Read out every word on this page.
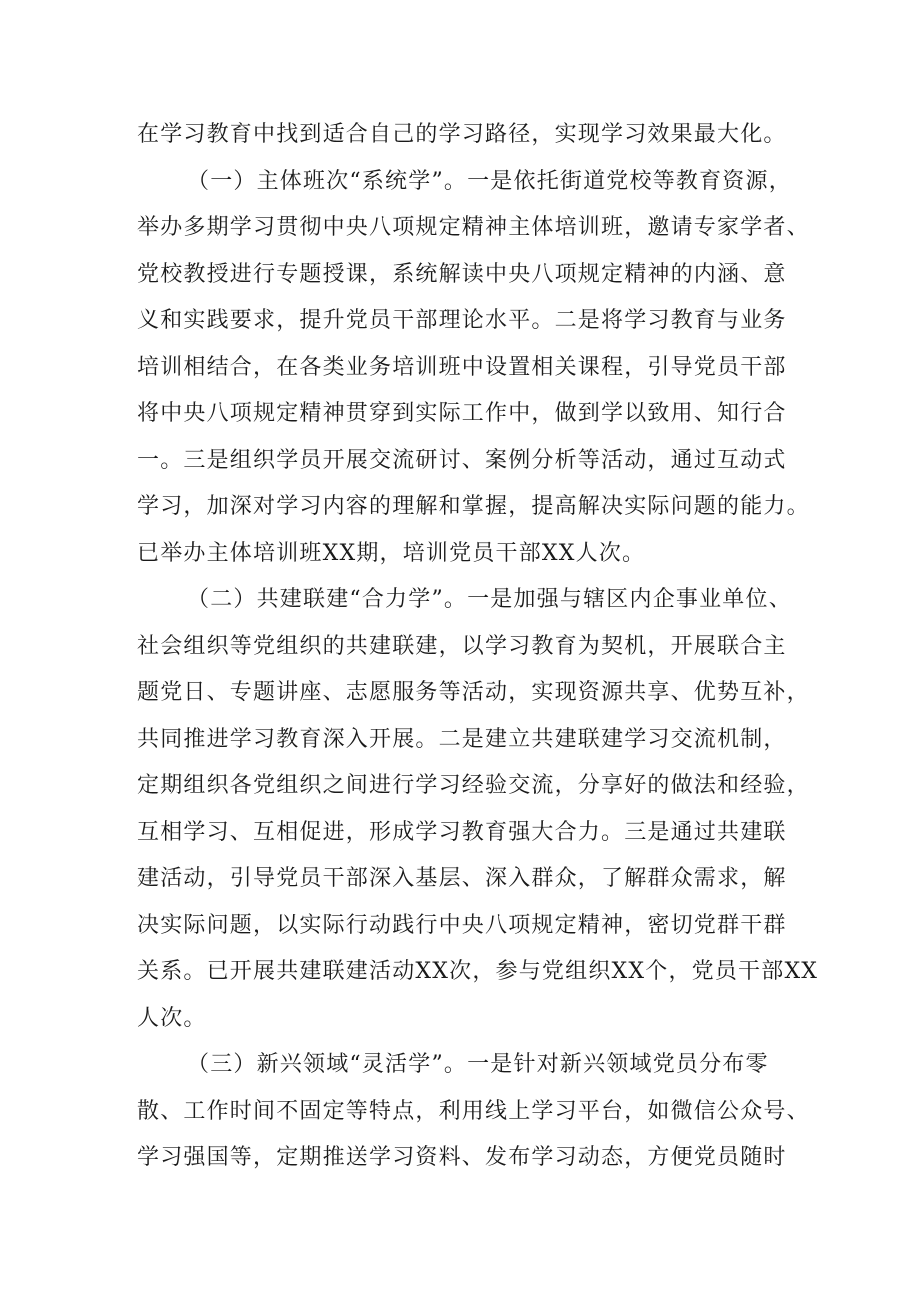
在学习教育中找到适合自己的学习路径，实现学习效果最大化。
（一）主体班次“系统学”。一是依托街道党校等教育资源，
举办多期学习贯彻中央八项规定精神主体培训班，邀请专家学者、
党校教授进行专题授课，系统解读中央八项规定精神的内涵、意
义和实践要求，提升党员干部理论水平。二是将学习教育与业务
培训相结合，在各类业务培训班中设置相关课程，引导党员干部
将中央八项规定精神贯穿到实际工作中，做到学以致用、知行合
一。三是组织学员开展交流研讨、案例分析等活动，通过互动式
学习，加深对学习内容的理解和掌握，提高解决实际问题的能力。
已举办主体培训班XX期，培训党员干部XX人次。
（二）共建联建“合力学”。一是加强与辖区内企事业单位、
社会组织等党组织的共建联建，以学习教育为契机，开展联合主
题党日、专题讲座、志愿服务等活动，实现资源共享、优势互补，
共同推进学习教育深入开展。二是建立共建联建学习交流机制，
定期组织各党组织之间进行学习经验交流，分享好的做法和经验，
互相学习、互相促进，形成学习教育强大合力。三是通过共建联
建活动，引导党员干部深入基层、深入群众，了解群众需求，解
决实际问题，以实际行动践行中央八项规定精神，密切党群干群
关系。已开展共建联建活动XX次，参与党组织XX个，党员干部XX
人次。
（三）新兴领域“灵活学”。一是针对新兴领域党员分布零
散、工作时间不固定等特点，利用线上学习平台，如微信公众号、
学习强国等，定期推送学习资料、发布学习动态，方便党员随时
